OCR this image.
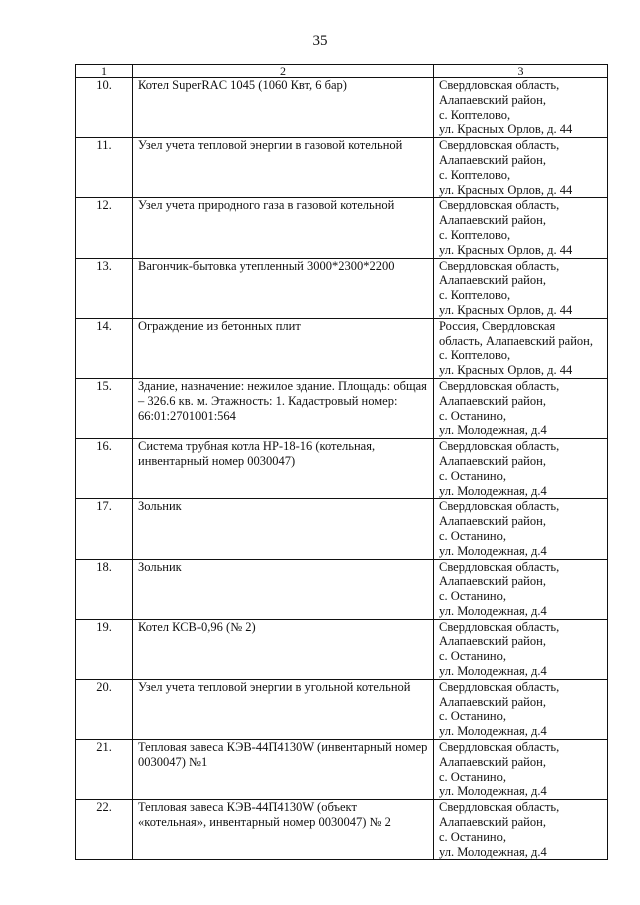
35
1	2	3
10.	Котел SuperRAC 1045 (1060 Квт, 6 бар)	Свердловская область,
Алапаевский район,
с. Коптелово,
ул. Красных Орлов, д. 44

11.	Узел учета тепловой энергии в газовой котельной	Свердловская область,
Алапаевский район,
с. Коптелово,
ул. Красных Орлов, д. 44

12.	Узел учета природного газа в газовой котельной	Свердловская область,
Алапаевский район,
с. Коптелово,
ул. Красных Орлов, д. 44

13.	Вагончик-бытовка утепленный 3000*2300*2200	Свердловская область,
Алапаевский район,
с. Коптелово,
ул. Красных Орлов, д. 44

14.	Ограждение из бетонных плит	Россия, Свердловская
область, Алапаевский район,
с. Коптелово,
ул. Красных Орлов, д. 44

15.	Здание, назначение: нежилое здание. Площадь: общая – 326.6 кв. м. Этажность: 1. Кадастровый номер: 66:01:2701001:564	Свердловская область,
Алапаевский район,
с. Останино,
ул. Молодежная, д.4

16.	Система трубная котла НР-18-16 (котельная, инвентарный номер 0030047)	Свердловская область,
Алапаевский район,
с. Останино,
ул. Молодежная, д.4

17.	Зольник	Свердловская область,
Алапаевский район,
с. Останино,
ул. Молодежная, д.4

18.	Зольник	Свердловская область,
Алапаевский район,
с. Останино,
ул. Молодежная, д.4

19.	Котел КСВ-0,96 (№ 2)	Свердловская область,
Алапаевский район,
с. Останино,
ул. Молодежная, д.4

20.	Узел учета тепловой энергии в угольной котельной	Свердловская область,
Алапаевский район,
с. Останино,
ул. Молодежная, д.4

21.	Тепловая завеса КЭВ-44П4130W (инвентарный номер 0030047) №1	Свердловская область,
Алапаевский район,
с. Останино,
ул. Молодежная, д.4

22.	Тепловая завеса КЭВ-44П4130W (объект «котельная», инвентарный номер 0030047) № 2	Свердловская область,
Алапаевский район,
с. Останино,
ул. Молодежная, д.4
